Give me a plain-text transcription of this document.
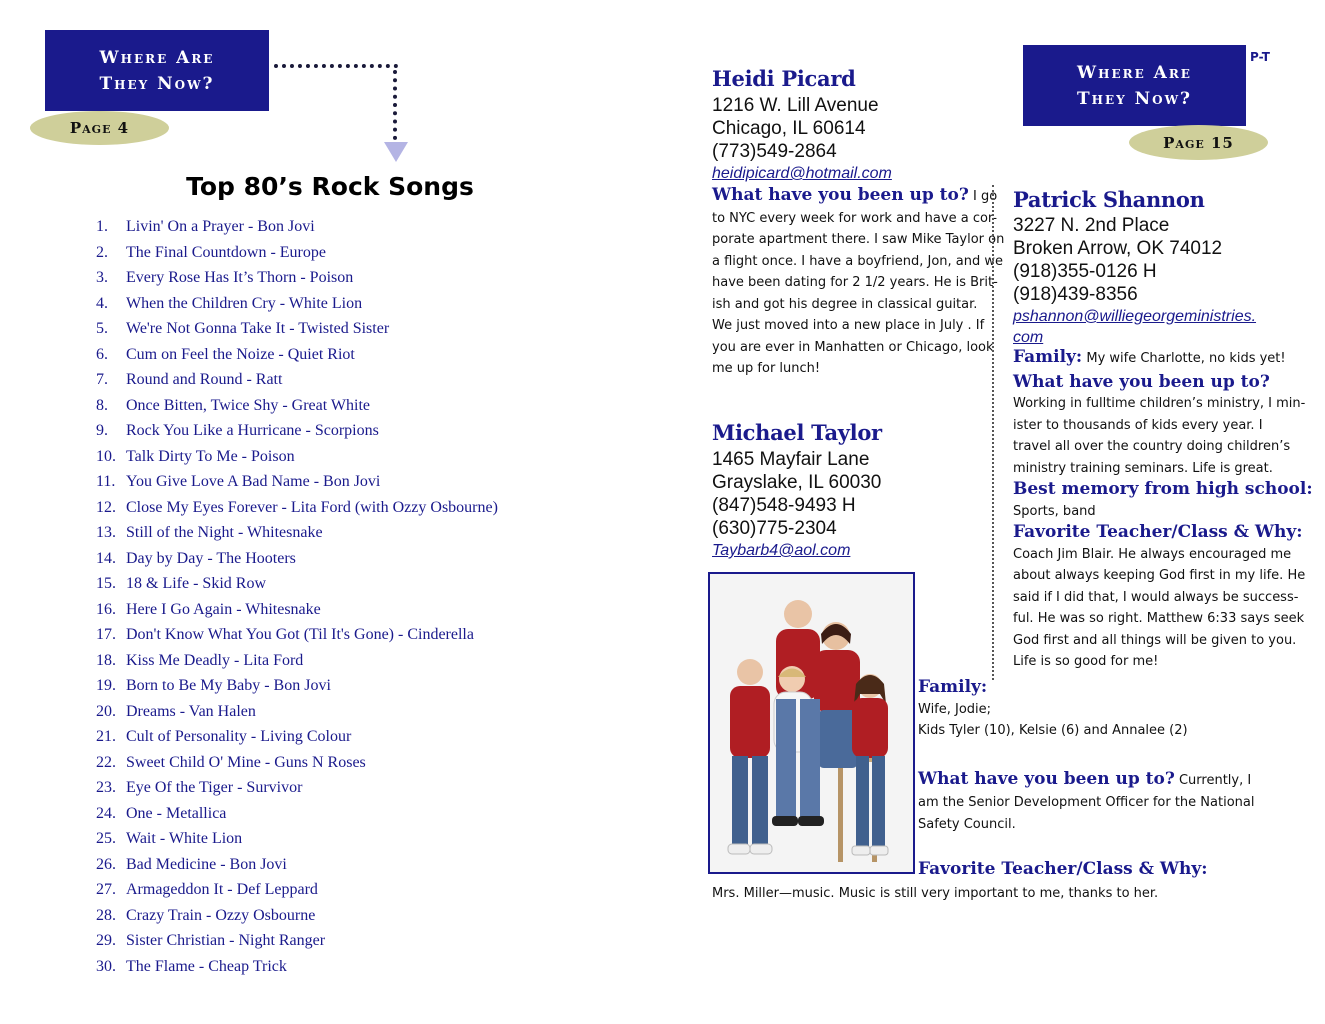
Where Are
They Now?
Page 4
Top 80’s Rock Songs
1. Livin' On a Prayer - Bon Jovi
2. The Final Countdown - Europe
3. Every Rose Has It’s Thorn - Poison
4. When the Children Cry - White Lion
5. We're Not Gonna Take It - Twisted Sister
6. Cum on Feel the Noize - Quiet Riot
7. Round and Round - Ratt
8. Once Bitten, Twice Shy - Great White
9. Rock You Like a Hurricane - Scorpions
10. Talk Dirty To Me - Poison
11. You Give Love A Bad Name - Bon Jovi
12. Close My Eyes Forever - Lita Ford (with Ozzy Osbourne)
13. Still of the Night - Whitesnake
14. Day by Day - The Hooters
15. 18 & Life - Skid Row
16. Here I Go Again - Whitesnake
17. Don't Know What You Got (Til It's Gone) - Cinderella
18. Kiss Me Deadly - Lita Ford
19. Born to Be My Baby - Bon Jovi
20. Dreams - Van Halen
21. Cult of Personality - Living Colour
22. Sweet Child O' Mine - Guns N Roses
23. Eye Of the Tiger - Survivor
24. One - Metallica
25. Wait - White Lion
26. Bad Medicine - Bon Jovi
27. Armageddon It - Def Leppard
28. Crazy Train - Ozzy Osbourne
29. Sister Christian - Night Ranger
30. The Flame - Cheap Trick
Where Are
They Now?
P-T
Page 15
Heidi Picard
1216 W. Lill Avenue
Chicago, IL 60614
(773)549-2864
heidipicard@hotmail.com
What have you been up to? I go
to NYC every week for work and have a cor-
porate apartment there. I saw Mike Taylor on
a flight once. I have a boyfriend, Jon, and we
have been dating for 2 1/2 years. He is Brit-
ish and got his degree in classical guitar.
We just moved into a new place in July . If
you are ever in Manhatten or Chicago, look
me up for lunch!
Michael Taylor
1465 Mayfair Lane
Grayslake, IL 60030
(847)548-9493 H
(630)775-2304
Taybarb4@aol.com
Family:
Wife, Jodie;
Kids Tyler (10), Kelsie (6) and Annalee (2)
What have you been up to? Currently, I
am the Senior Development Officer for the National
Safety Council.
Favorite Teacher/Class & Why:
Mrs. Miller—music. Music is still very important to me, thanks to her.
Patrick Shannon
3227 N. 2nd Place
Broken Arrow, OK 74012
(918)355-0126 H
(918)439-8356
pshannon@williegeorgeministries.
com
Family: My wife Charlotte, no kids yet!
What have you been up to?
Working in fulltime children’s ministry, I min-
ister to thousands of kids every year. I
travel all over the country doing children’s
ministry training seminars. Life is great.
Best memory from high school:
Sports, band
Favorite Teacher/Class & Why:
Coach Jim Blair. He always encouraged me
about always keeping God first in my life. He
said if I did that, I would always be success-
ful. He was so right. Matthew 6:33 says seek
God first and all things will be given to you.
Life is so good for me!
